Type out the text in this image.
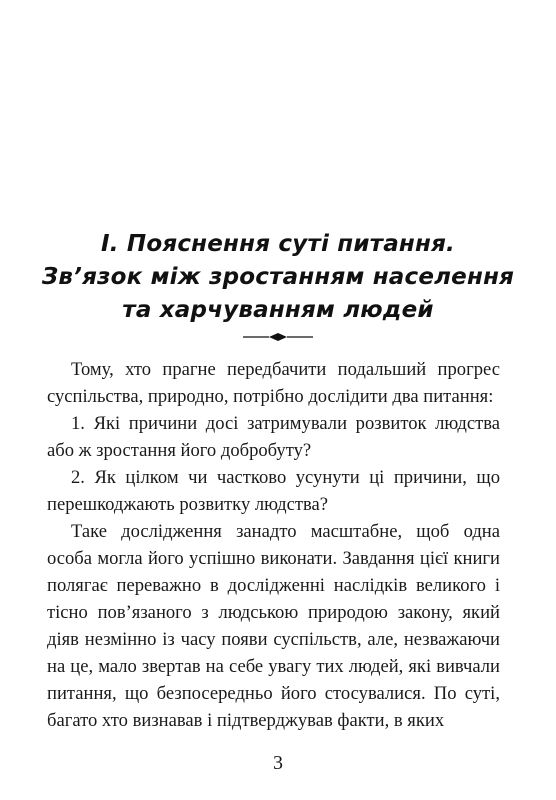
I. Пояснення суті питання.
Зв’язок між зростанням населення
та харчуванням людей

Тому, хто прагне передбачити подальший прогрес суспільства, природно, потрібно дослідити два питання:

1. Які причини досі затримували розвиток людства або ж зростання його добробуту?

2. Як цілком чи частково усунути ці причини, що перешкоджають розвитку людства?

Таке дослідження занадто масштабне, щоб одна особа могла його успішно виконати. Завдання цієї книги полягає переважно в дослідженні наслідків великого і тісно пов’язаного з людською природою закону, який діяв незмінно із часу появи суспільств, але, незважаючи на це, мало звертав на себе увагу тих людей, які вивчали питання, що безпосередньо його стосувалися. По суті, багато хто визнавав і підтверджував факти, в яких

3
